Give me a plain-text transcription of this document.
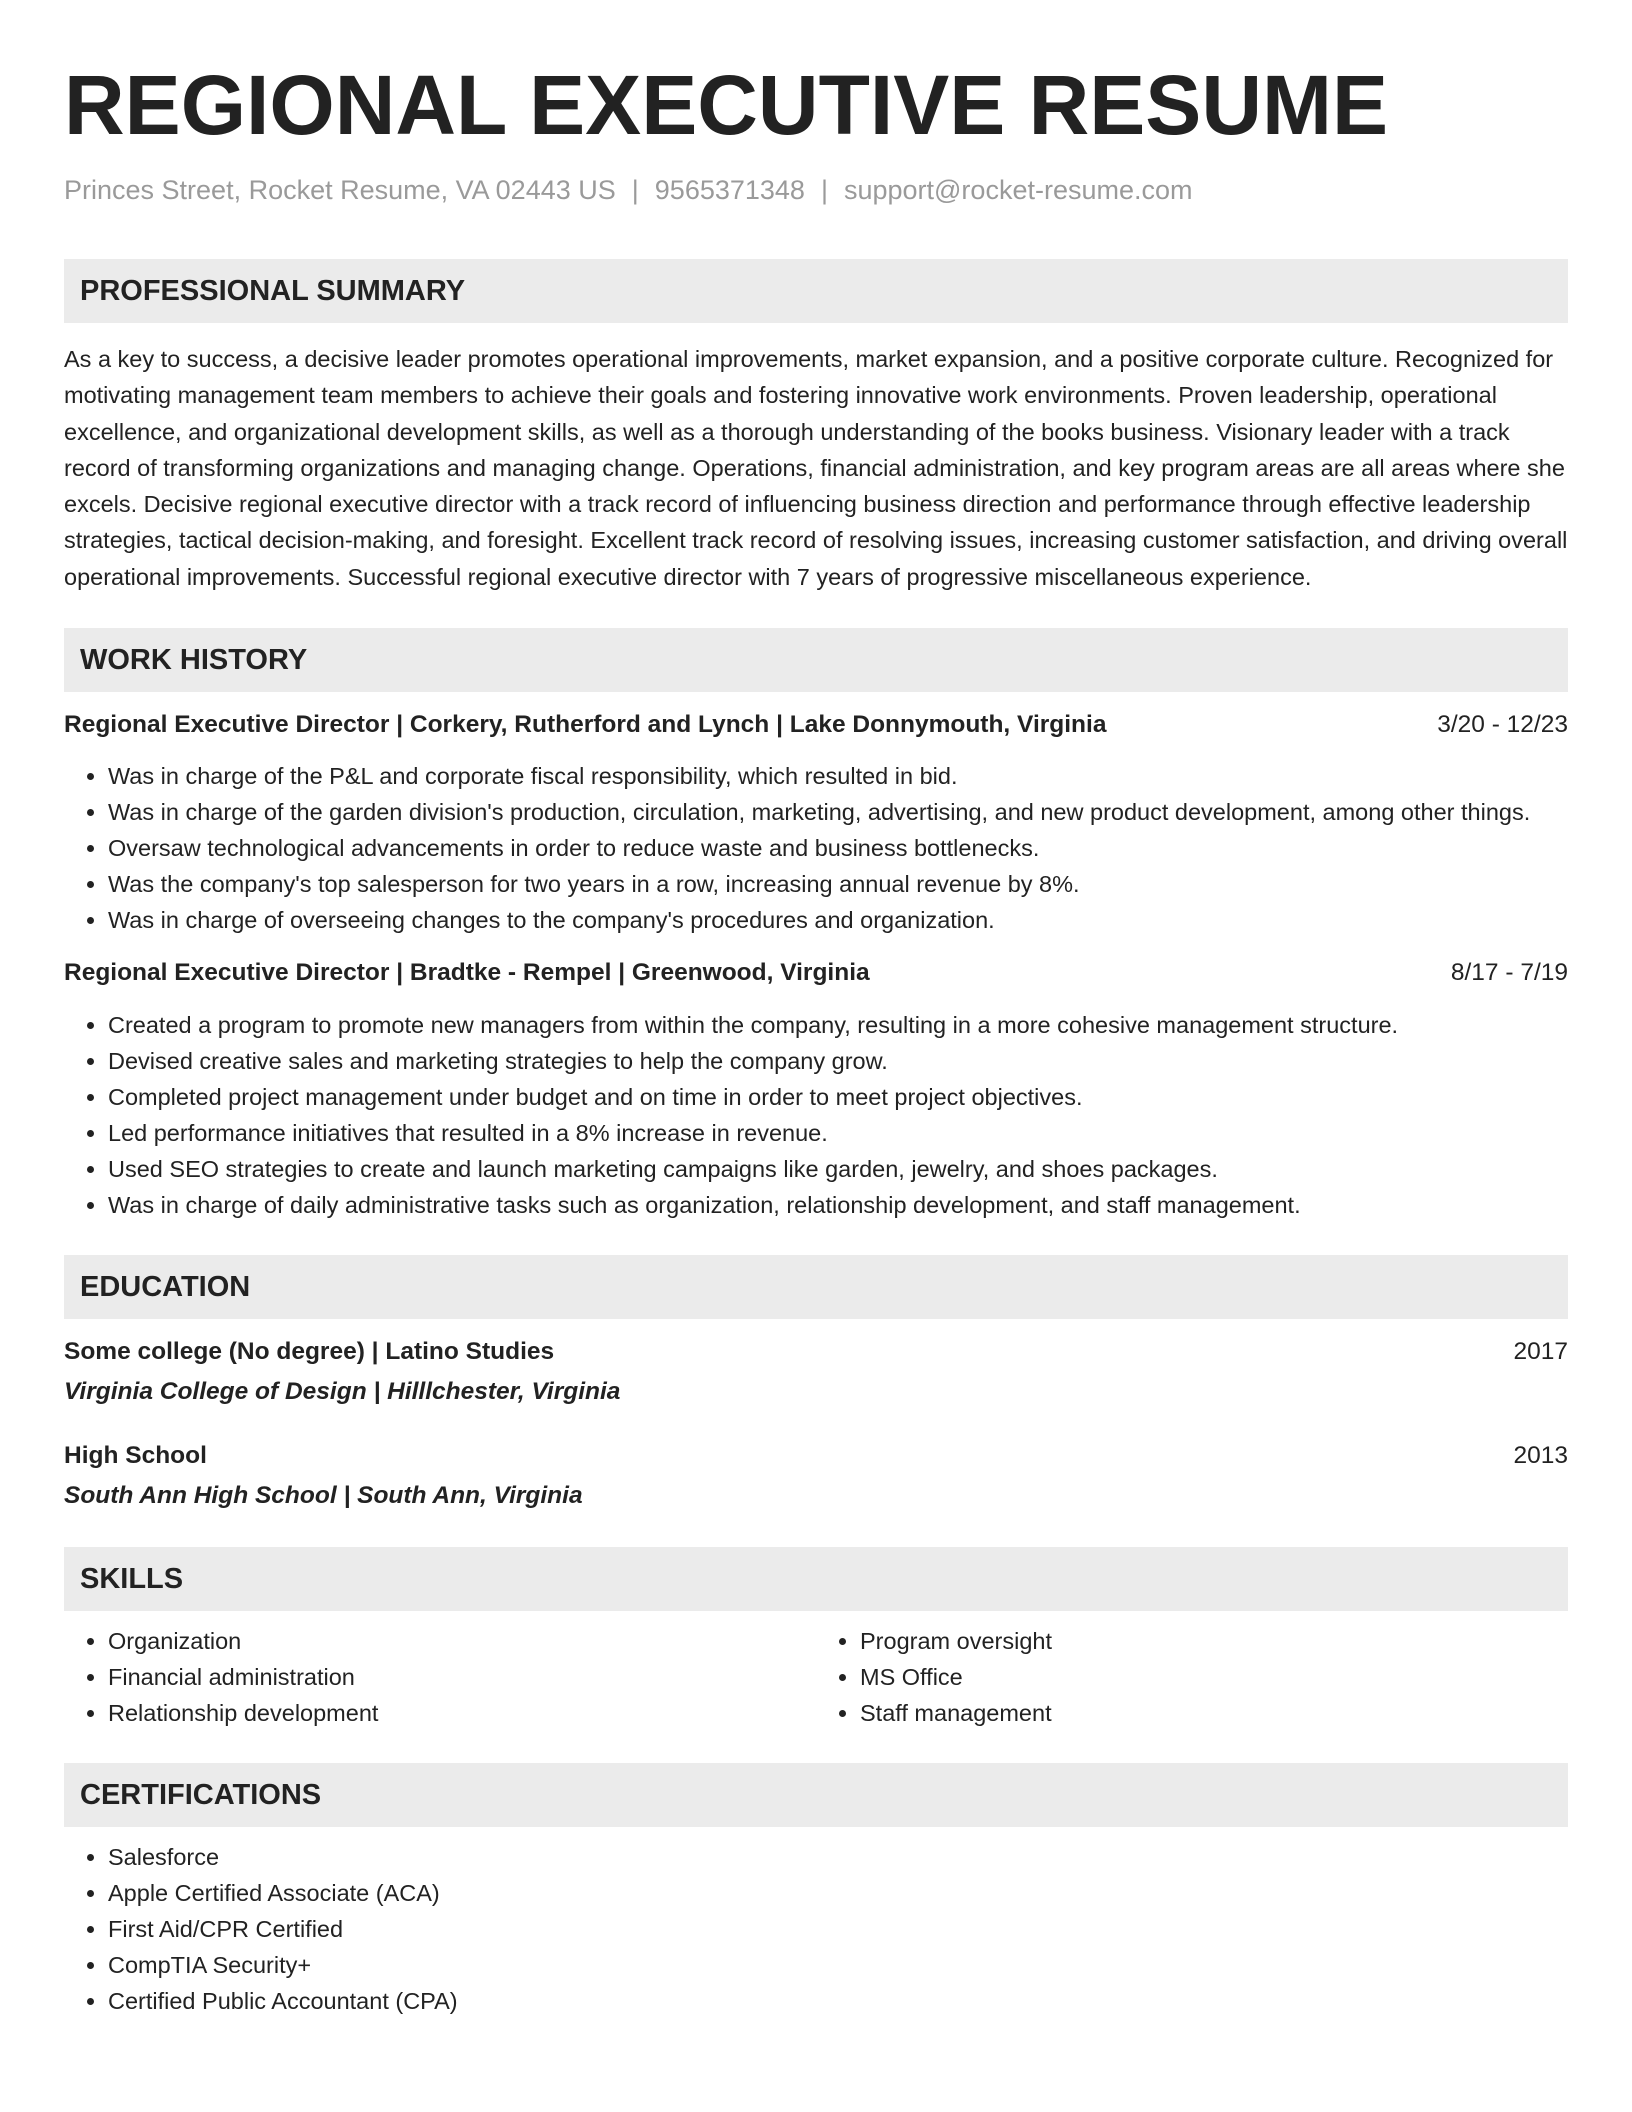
REGIONAL EXECUTIVE RESUME
Princes Street, Rocket Resume, VA 02443 US | 9565371348 | support@rocket-resume.com
PROFESSIONAL SUMMARY

As a key to success, a decisive leader promotes operational improvements, market expansion, and a positive corporate culture. Recognized for motivating management team members to achieve their goals and fostering innovative work environments. Proven leadership, operational excellence, and organizational development skills, as well as a thorough understanding of the books business. Visionary leader with a track record of transforming organizations and managing change. Operations, financial administration, and key program areas are all areas where she excels. Decisive regional executive director with a track record of influencing business direction and performance through effective leadership strategies, tactical decision-making, and foresight. Excellent track record of resolving issues, increasing customer satisfaction, and driving overall operational improvements. Successful regional executive director with 7 years of progressive miscellaneous experience.

WORK HISTORY
Regional Executive Director | Corkery, Rutherford and Lynch | Lake Donnymouth, Virginia	3/20 - 12/23
• Was in charge of the P&L and corporate fiscal responsibility, which resulted in bid.
• Was in charge of the garden division's production, circulation, marketing, advertising, and new product development, among other things.
• Oversaw technological advancements in order to reduce waste and business bottlenecks.
• Was the company's top salesperson for two years in a row, increasing annual revenue by 8%.
• Was in charge of overseeing changes to the company's procedures and organization.
Regional Executive Director | Bradtke - Rempel | Greenwood, Virginia	8/17 - 7/19
• Created a program to promote new managers from within the company, resulting in a more cohesive management structure.
• Devised creative sales and marketing strategies to help the company grow.
• Completed project management under budget and on time in order to meet project objectives.
• Led performance initiatives that resulted in a 8% increase in revenue.
• Used SEO strategies to create and launch marketing campaigns like garden, jewelry, and shoes packages.
• Was in charge of daily administrative tasks such as organization, relationship development, and staff management.
EDUCATION
Some college (No degree) | Latino Studies	2017
Virginia College of Design | Hilllchester, Virginia
High School	2013
South Ann High School | South Ann, Virginia
SKILLS
• Organization
• Financial administration
• Relationship development
• Program oversight
• MS Office
• Staff management
CERTIFICATIONS
• Salesforce
• Apple Certified Associate (ACA)
• First Aid/CPR Certified
• CompTIA Security+
• Certified Public Accountant (CPA)
